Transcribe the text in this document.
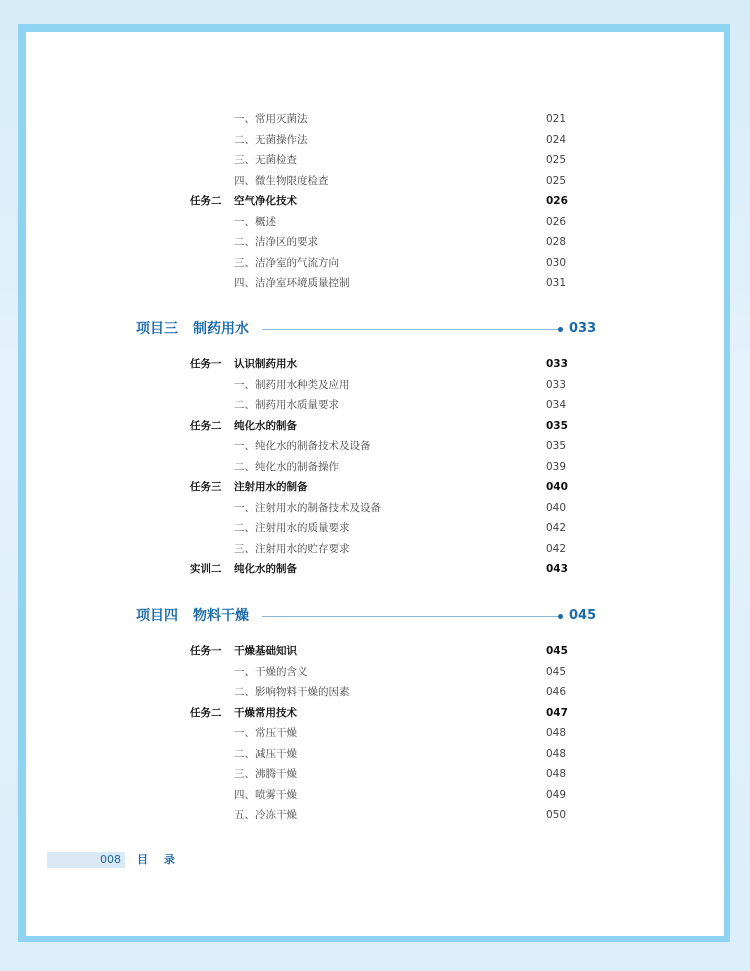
008 目 录
一、常用灭菌法	021
二、无菌操作法	024
三、无菌检查	025
四、微生物限度检查	025
任务二 空气净化技术	026
一、概述	026
二、洁净区的要求	028
三、洁净室的气流方向	030
四、洁净室环境质量控制	031
项目三 制药用水	033
任务一 认识制药用水	033
一、制药用水种类及应用	033
二、制药用水质量要求	034
任务二 纯化水的制备	035
一、纯化水的制备技术及设备	035
二、纯化水的制备操作	039
任务三 注射用水的制备	040
一、注射用水的制备技术及设备	040
二、注射用水的质量要求	042
三、注射用水的贮存要求	042
实训二 纯化水的制备	043
项目四 物料干燥	045
任务一 干燥基础知识	045
一、干燥的含义	045
二、影响物料干燥的因素	046
任务二 干燥常用技术	047
一、常压干燥	048
二、减压干燥	048
三、沸腾干燥	048
四、喷雾干燥	049
五、冷冻干燥	050
